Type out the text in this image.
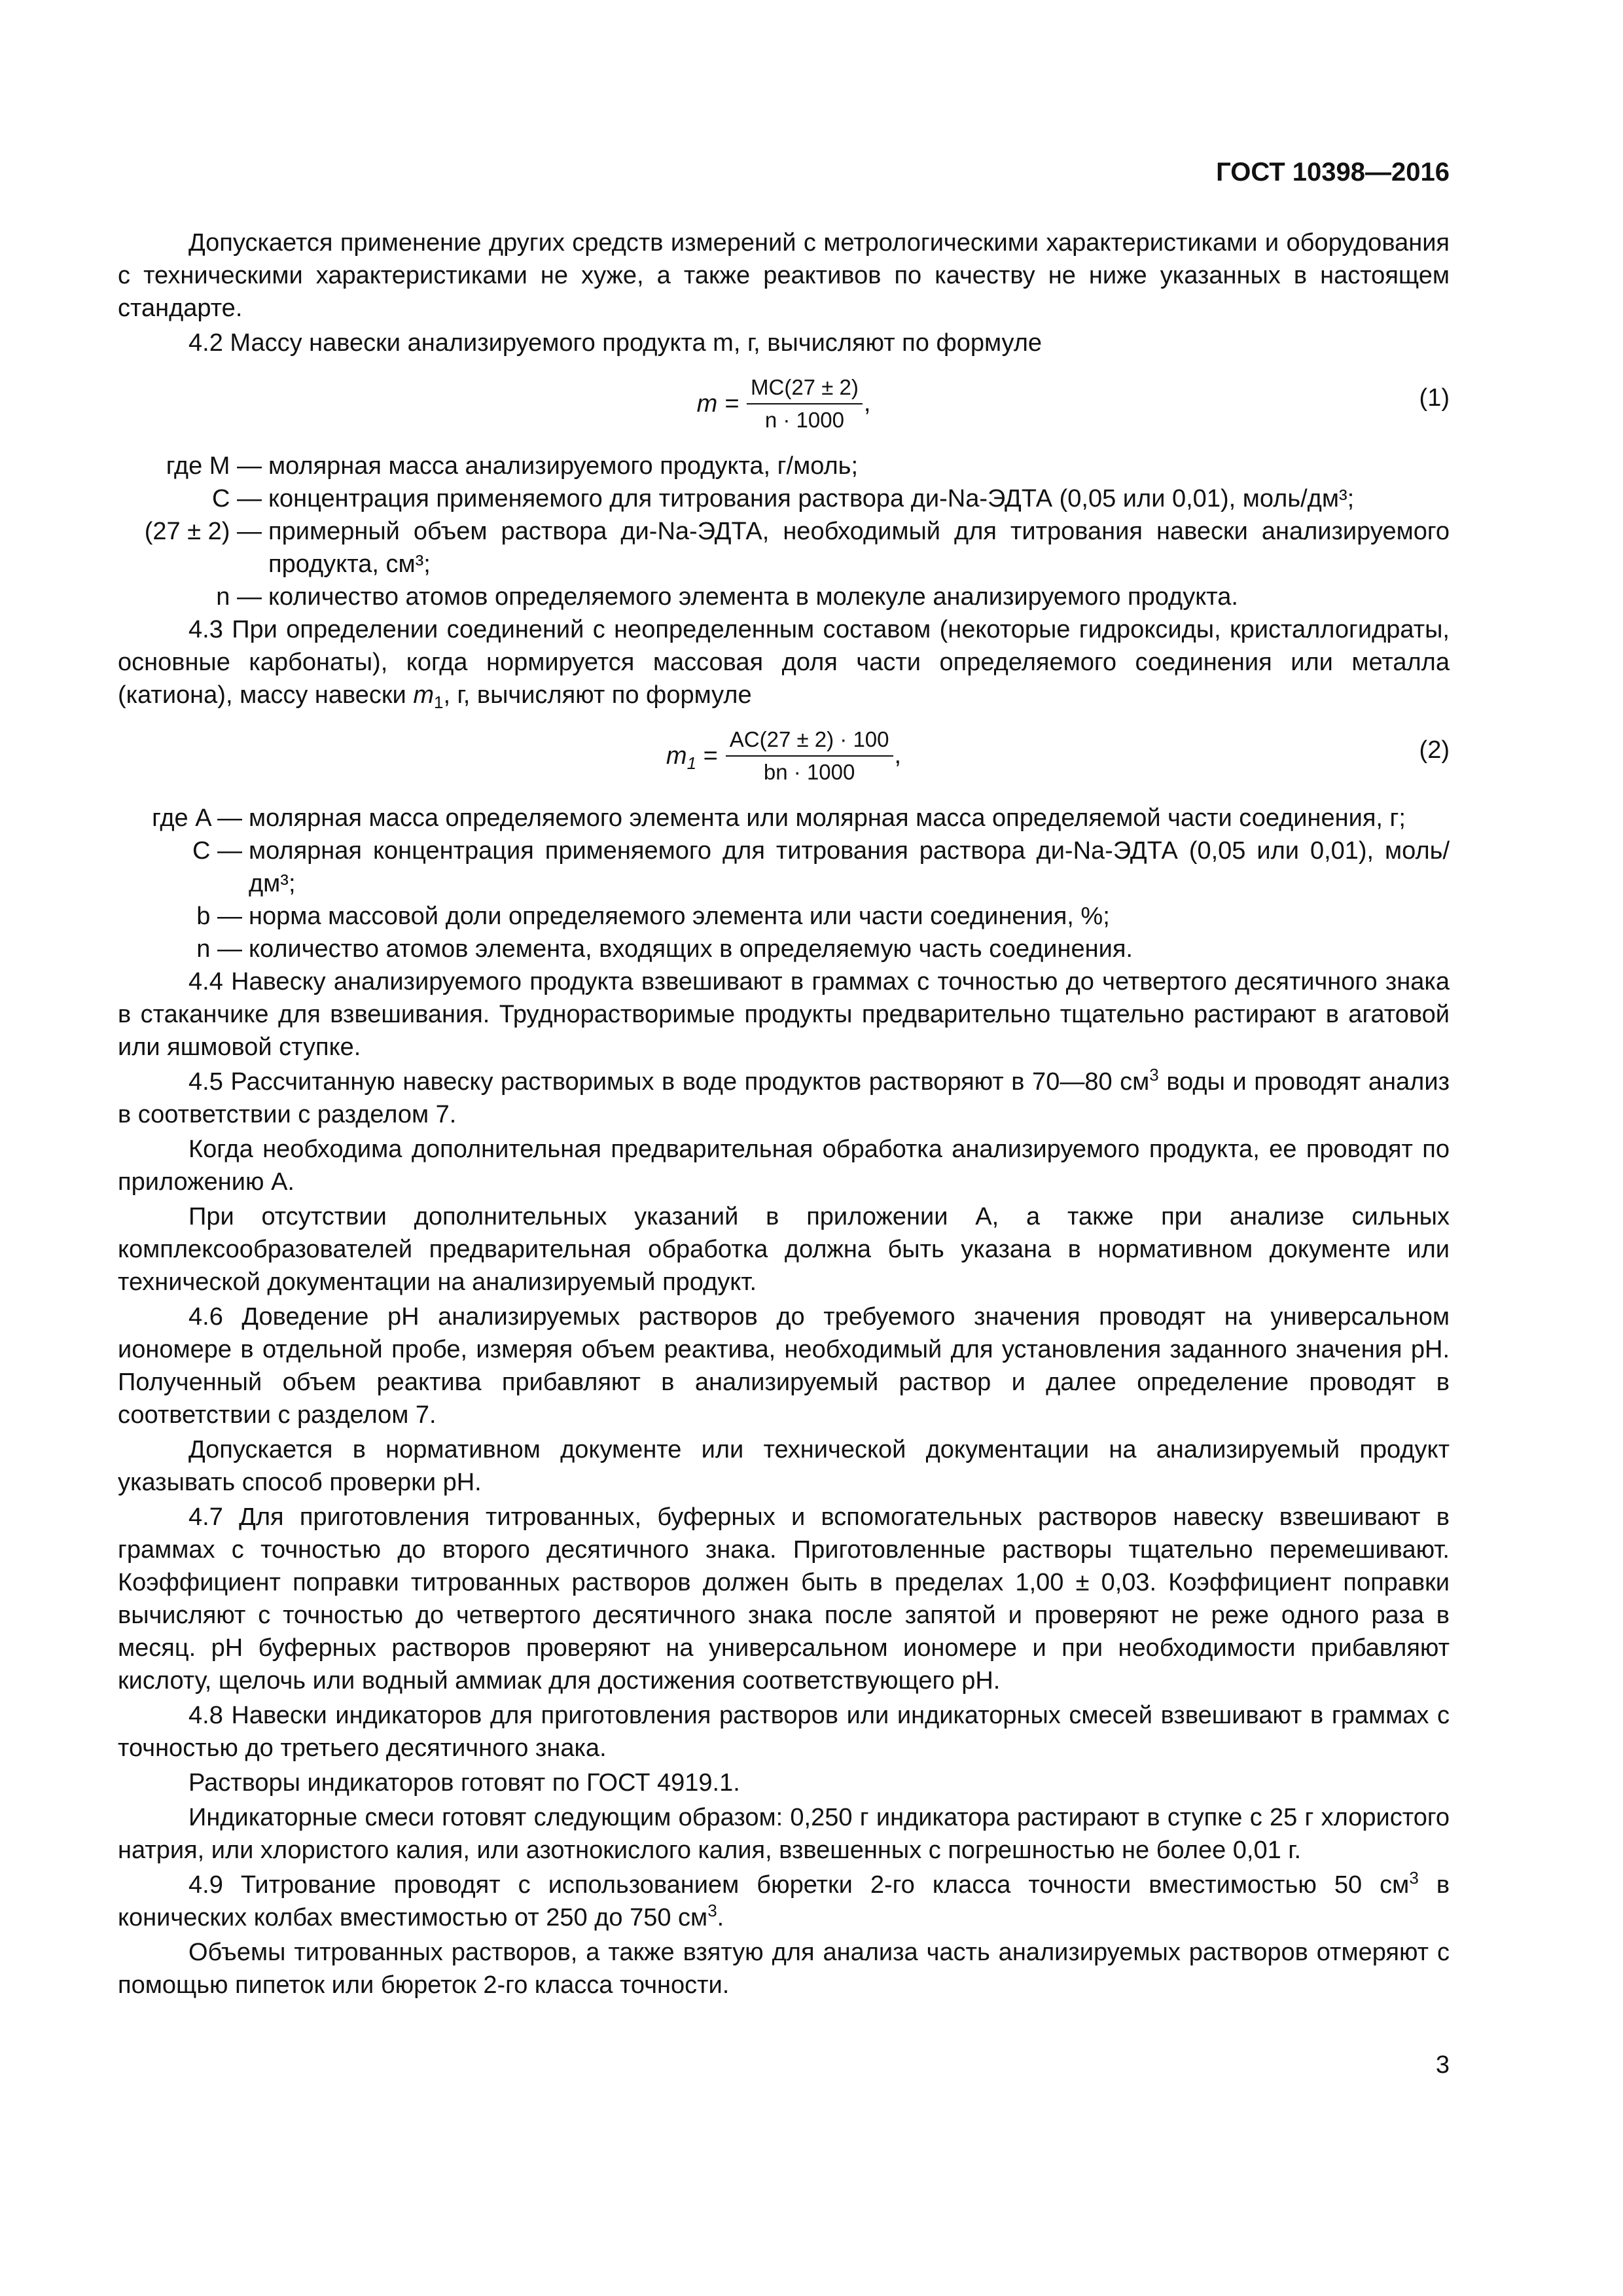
ГОСТ 10398—2016

Допускается применение других средств измерений с метрологическими характеристиками и оборудования с техническими характеристиками не хуже, а также реактивов по качеству не ниже указанных в настоящем стандарте.

4.2 Массу навески анализируемого продукта m, г, вычисляют по формуле

$m = \frac{MC(27 \pm 2)}{n \cdot 1000}$ ,	(1)
где M — молярная масса анализируемого продукта, г/моль;
C — концентрация применяемого для титрования раствора ди-Na-ЭДТА (0,05 или 0,01), моль/дм³;
(27 ± 2) — примерный объем раствора ди-Na-ЭДТА, необходимый для титрования навески анализируемого продукта, см³;
n — количество атомов определяемого элемента в молекуле анализируемого продукта.

4.3 При определении соединений с неопределенным составом (некоторые гидроксиды, кристаллогидраты, основные карбонаты), когда нормируется массовая доля части определяемого соединения или металла (катиона), массу навески $m_1$, г, вычисляют по формуле

$m_1 = \frac{AC(27 \pm 2) \cdot 100}{bn \cdot 1000}$ ,	(2)
где A — молярная масса определяемого элемента или молярная масса определяемой части соединения, г;
C — молярная концентрация применяемого для титрования раствора ди-Na-ЭДТА (0,05 или 0,01), моль/дм³;
b — норма массовой доли определяемого элемента или части соединения, %;
n — количество атомов элемента, входящих в определяемую часть соединения.

4.4 Навеску анализируемого продукта взвешивают в граммах с точностью до четвертого десятичного знака в стаканчике для взвешивания. Труднорастворимые продукты предварительно тщательно растирают в агатовой или яшмовой ступке.

4.5 Рассчитанную навеску растворимых в воде продуктов растворяют в 70—80 $см^3$ воды и проводят анализ в соответствии с разделом 7.

Когда необходима дополнительная предварительная обработка анализируемого продукта, ее проводят по приложению А.

При отсутствии дополнительных указаний в приложении А, а также при анализе сильных комплексообразователей предварительная обработка должна быть указана в нормативном документе или технической документации на анализируемый продукт.

4.6 Доведение pH анализируемых растворов до требуемого значения проводят на универсальном иономере в отдельной пробе, измеряя объем реактива, необходимый для установления заданного значения pH. Полученный объем реактива прибавляют в анализируемый раствор и далее определение проводят в соответствии с разделом 7.

Допускается в нормативном документе или технической документации на анализируемый продукт указывать способ проверки pH.

4.7 Для приготовления титрованных, буферных и вспомогательных растворов навеску взвешивают в граммах с точностью до второго десятичного знака. Приготовленные растворы тщательно перемешивают. Коэффициент поправки титрованных растворов должен быть в пределах 1,00 ± 0,03. Коэффициент поправки вычисляют с точностью до четвертого десятичного знака после запятой и проверяют не реже одного раза в месяц. pH буферных растворов проверяют на универсальном иономере и при необходимости прибавляют кислоту, щелочь или водный аммиак для достижения соответствующего pH.

4.8 Навески индикаторов для приготовления растворов или индикаторных смесей взвешивают в граммах с точностью до третьего десятичного знака.

Растворы индикаторов готовят по ГОСТ 4919.1.

Индикаторные смеси готовят следующим образом: 0,250 г индикатора растирают в ступке с 25 г хлористого натрия, или хлористого калия, или азотнокислого калия, взвешенных с погрешностью не более 0,01 г.

4.9 Титрование проводят с использованием бюретки 2-го класса точности вместимостью 50 $см^3$ в конических колбах вместимостью от 250 до 750 $см^3$.

Объемы титрованных растворов, а также взятую для анализа часть анализируемых растворов отмеряют с помощью пипеток или бюреток 2-го класса точности.

3
